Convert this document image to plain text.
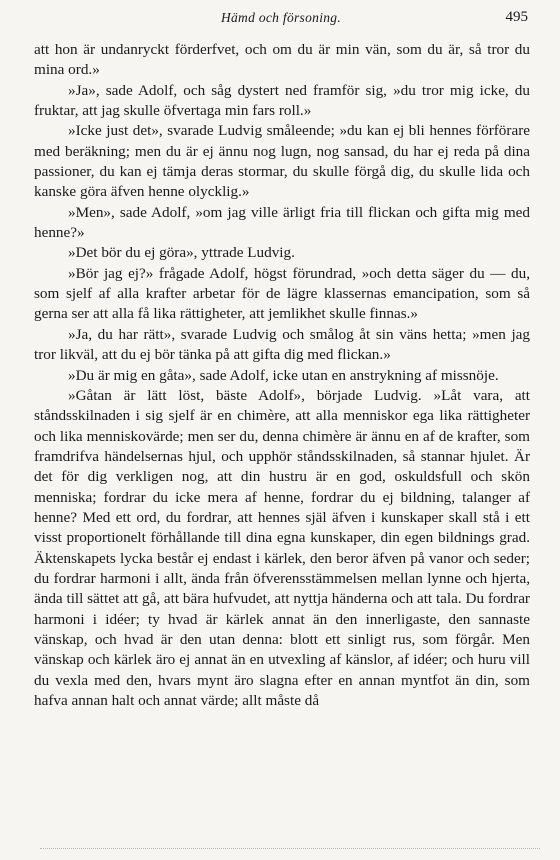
Hämd och försoning.	495

att hon är undanryckt förderfvet, och om du är min vän, som du är, så tror du mina ord.»

»Ja», sade Adolf, och såg dystert ned framför sig, »du tror mig icke, du fruktar, att jag skulle öfvertaga min fars roll.»

»Icke just det», svarade Ludvig småleende; »du kan ej bli hennes förförare med beräkning; men du är ej ännu nog lugn, nog sansad, du har ej reda på dina passioner, du kan ej tämja deras stormar, du skulle förgå dig, du skulle lida och kanske göra äfven henne olycklig.»

»Men», sade Adolf, »om jag ville ärligt fria till flickan och gifta mig med henne?»

»Det bör du ej göra», yttrade Ludvig.

»Bör jag ej?» frågade Adolf, högst förundrad, »och detta säger du — du, som sjelf af alla krafter arbetar för de lägre klassernas emancipation, som så gerna ser att alla få lika rättigheter, att jemlikhet skulle finnas.»

»Ja, du har rätt», svarade Ludvig och smålog åt sin väns hetta; »men jag tror likväl, att du ej bör tänka på att gifta dig med flickan.»

»Du är mig en gåta», sade Adolf, icke utan en anstrykning af missnöje.

»Gåtan är lätt löst, bäste Adolf», började Ludvig. »Låt vara, att ståndsskilnaden i sig sjelf är en chimère, att alla menniskor ega lika rättigheter och lika menniskovärde; men ser du, denna chimère är ännu en af de krafter, som framdrifva händelsernas hjul, och upphör ståndsskilnaden, så stannar hjulet. Är det för dig verkligen nog, att din hustru är en god, oskuldsfull och skön menniska; fordrar du icke mera af henne, fordrar du ej bildning, talanger af henne? Med ett ord, du fordrar, att hennes själ äfven i kunskaper skall stå i ett visst proportionelt förhållande till dina egna kunskaper, din egen bildnings grad. Äktenskapets lycka består ej endast i kärlek, den beror äfven på vanor och seder; du fordrar harmoni i allt, ända från öfverensstämmelsen mellan lynne och hjerta, ända till sättet att gå, att bära hufvudet, att nyttja händerna och att tala. Du fordrar harmoni i idéer; ty hvad är kärlek annat än den innerligaste, den sannaste vänskap, och hvad är den utan denna: blott ett sinligt rus, som förgår. Men vänskap och kärlek äro ej annat än en utvexling af känslor, af idéer; och huru vill du vexla med den, hvars mynt äro slagna efter en annan myntfot än din, som hafva annan halt och annat värde; allt måste då
